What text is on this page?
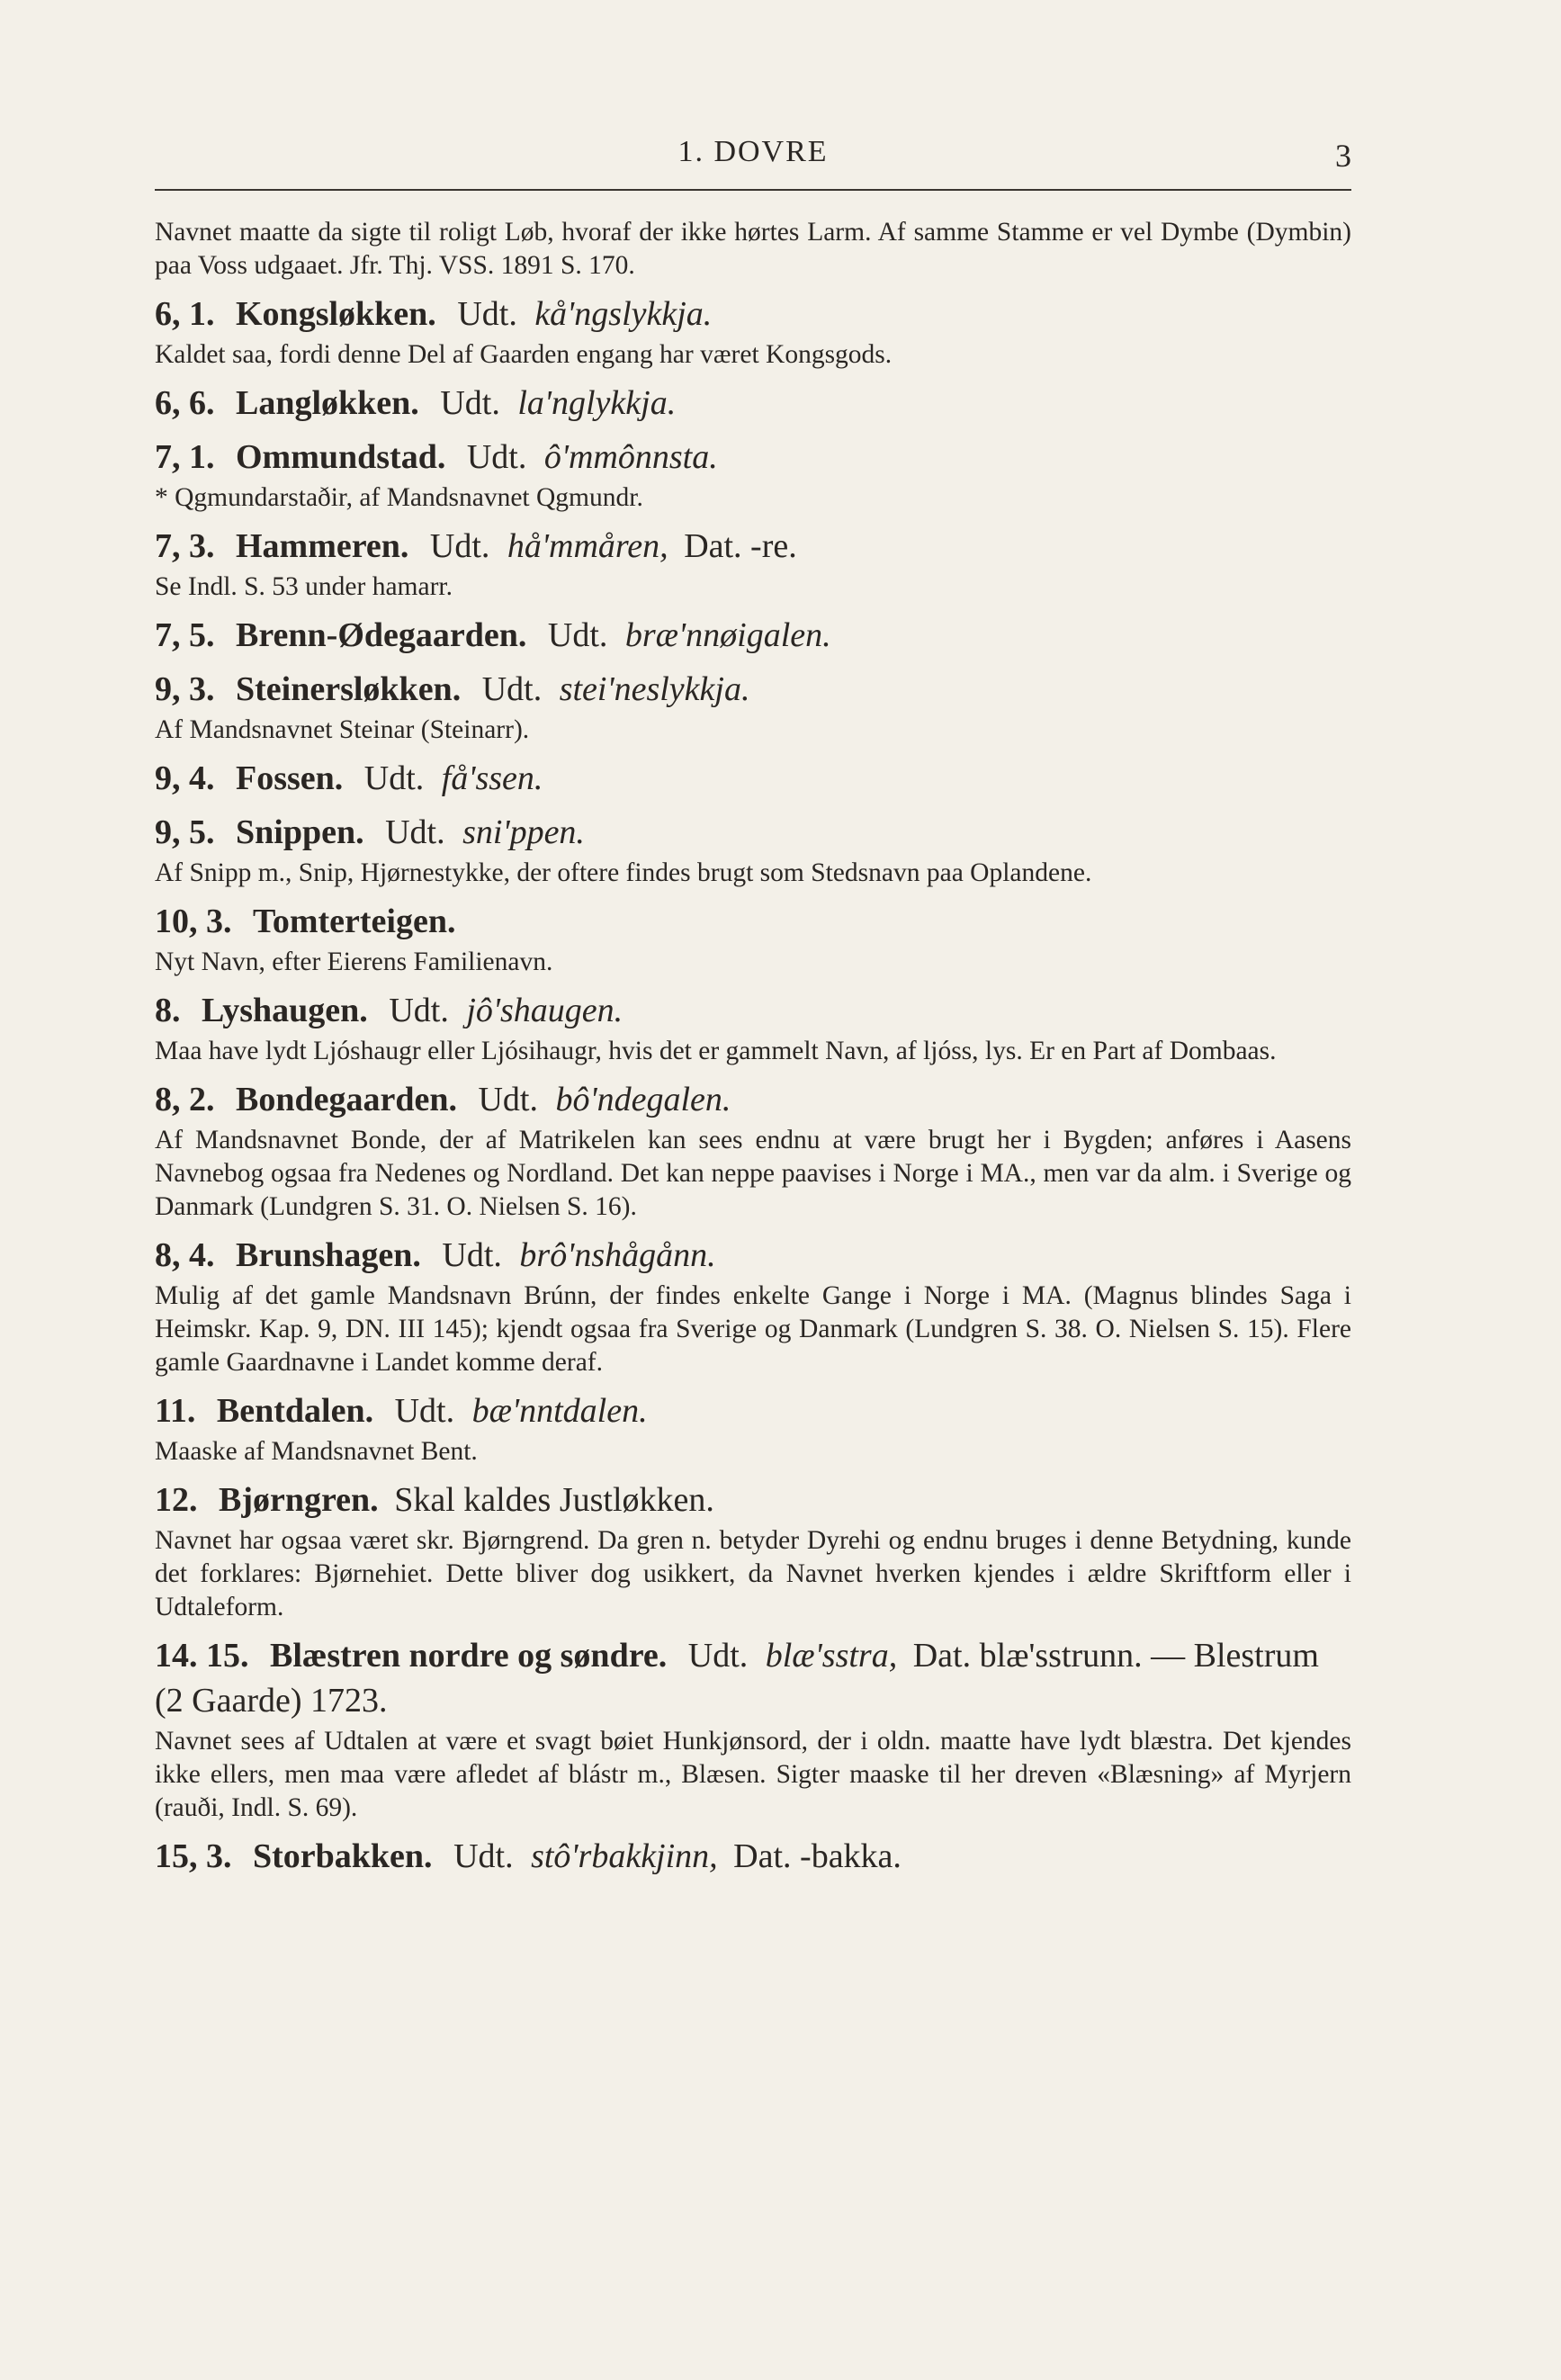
1. DOVRE	3

Navnet maatte da sigte til roligt Løb, hvoraf der ikke hørtes Larm. Af samme Stamme er vel Dymbe (Dymbin) paa Voss udgaaet. Jfr. Thj. VSS. 1891 S. 170.

6, 1. Kongsløkken. Udt. kå'ngslykkja.

Kaldet saa, fordi denne Del af Gaarden engang har været Kongsgods.

6, 6. Langløkken. Udt. la'nglykkja.

7, 1. Ommundstad. Udt. ô'mmônnsta.

* Qgmundarstaðir, af Mandsnavnet Qgmundr.

7, 3. Hammeren. Udt. hå'mmåren, Dat. -re.

Se Indl. S. 53 under hamarr.

7, 5. Brenn-Ødegaarden. Udt. bræ'nnøigalen.

9, 3. Steinersløkken. Udt. stei'neslykkja.

Af Mandsnavnet Steinar (Steinarr).

9, 4. Fossen. Udt. få'ssen.

9, 5. Snippen. Udt. sni'ppen.

Af Snipp m., Snip, Hjørnestykke, der oftere findes brugt som Stedsnavn paa Oplandene.

10, 3. Tomterteigen.

Nyt Navn, efter Eierens Familienavn.

8. Lyshaugen. Udt. jô'shaugen.

Maa have lydt Ljóshaugr eller Ljósihaugr, hvis det er gammelt Navn, af ljóss, lys. Er en Part af Dombaas.

8, 2. Bondegaarden. Udt. bô'ndegalen.

Af Mandsnavnet Bonde, der af Matrikelen kan sees endnu at være brugt her i Bygden; anføres i Aasens Navnebog ogsaa fra Nedenes og Nordland. Det kan neppe paavises i Norge i MA., men var da alm. i Sverige og Danmark (Lundgren S. 31. O. Nielsen S. 16).

8, 4. Brunshagen. Udt. brô'nshågånn.

Mulig af det gamle Mandsnavn Brúnn, der findes enkelte Gange i Norge i MA. (Magnus blindes Saga i Heimskr. Kap. 9, DN. III 145); kjendt ogsaa fra Sverige og Danmark (Lundgren S. 38. O. Nielsen S. 15). Flere gamle Gaardnavne i Landet komme deraf.

11. Bentdalen. Udt. bæ'nntdalen.

Maaske af Mandsnavnet Bent.

12. Bjørngren. Skal kaldes Justløkken.

Navnet har ogsaa været skr. Bjørngrend. Da gren n. betyder Dyrehi og endnu bruges i denne Betydning, kunde det forklares: Bjørnehiet. Dette bliver dog usikkert, da Navnet hverken kjendes i ældre Skriftform eller i Udtaleform.

14. 15. Blæstren nordre og søndre. Udt. blæ'sstra, Dat. blæ'sstrunn. — Blestrum (2 Gaarde) 1723.

Navnet sees af Udtalen at være et svagt bøiet Hunkjønsord, der i oldn. maatte have lydt blæstra. Det kjendes ikke ellers, men maa være afledet af blástr m., Blæsen. Sigter maaske til her dreven «Blæsning» af Myrjern (rauði, Indl. S. 69).

15, 3. Storbakken. Udt. stô'rbakkjinn, Dat. -bakka.
